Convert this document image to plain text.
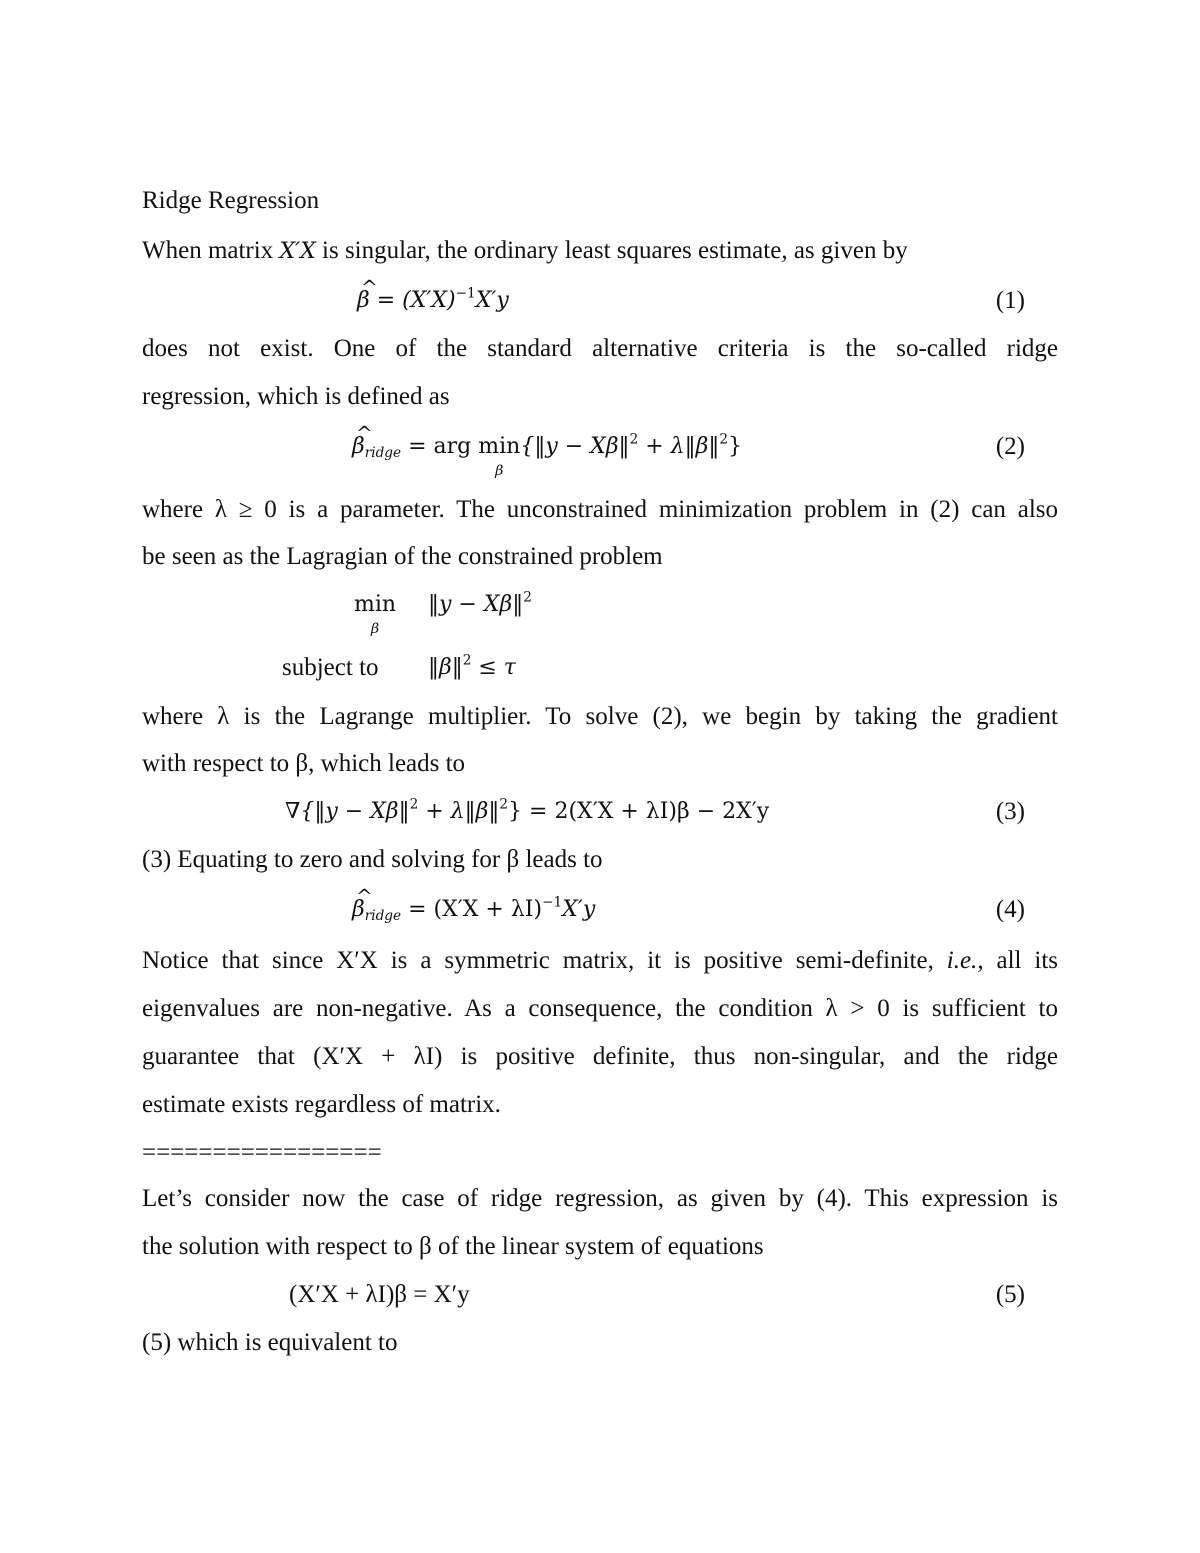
Ridge Regression
When matrix X′X is singular, the ordinary least squares estimate, as given by
^ $\beta = (X'X)^{-1}X'y$	(1)
does not exist. One of the standard alternative criteria is the so-called ridge
regression, which is defined as
^ $\beta_{ridge}$ = arg min
β
{‖y − Xβ‖$^2$ + λ‖β‖$^2$}	(2)
where λ ≥ 0 is a parameter. The unconstrained minimization problem in (2) can also
be seen as the Lagragian of the constrained problem
min
β
‖y − Xβ‖$^2$
subject to ‖β‖$^2$ ≤ τ
where λ is the Lagrange multiplier. To solve (2), we begin by taking the gradient
with respect to β, which leads to
∇{‖y − Xβ‖$^2$ + λ‖β‖$^2$} = 2(X′X + λI)β − 2X′y	(3)
(3) Equating to zero and solving for β leads to
^ $\beta_{ridge} = (X'X + \lambda I)^{-1}X'y$	(4)
Notice that since X′X is a symmetric matrix, it is positive semi-definite, i.e., all its
eigenvalues are non-negative. As a consequence, the condition λ > 0 is sufficient to
guarantee that (X′X + λI) is positive definite, thus non-singular, and the ridge
estimate exists regardless of matrix.
=================
Let’s consider now the case of ridge regression, as given by (4). This expression is
the solution with respect to β of the linear system of equations
(X′X + λI)β = X′y	(5)
(5) which is equivalent to
